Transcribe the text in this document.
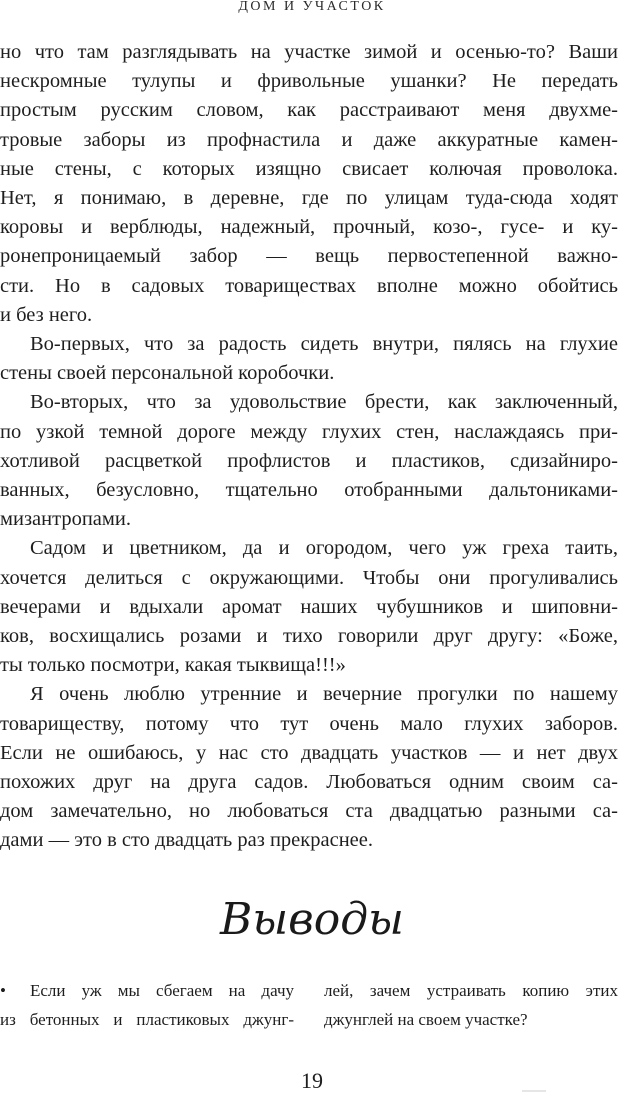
ДОМ И УЧАСТОК

но что там разглядывать на участке зимой и осенью-то? Ваши
нескромные тулупы и фривольные ушанки? Не передать
простым русским словом, как расстраивают меня двухме-
тровые заборы из профнастила и даже аккуратные камен-
ные стены, с которых изящно свисает колючая проволока.
Нет, я понимаю, в деревне, где по улицам туда-сюда ходят
коровы и верблюды, надежный, прочный, козо-, гусе- и ку-
ронепроницаемый забор — вещь первостепенной важно-
сти. Но в садовых товариществах вполне можно обойтись
и без него.

Во-первых, что за радость сидеть внутри, пялясь на глухие
стены своей персональной коробочки.

Во-вторых, что за удовольствие брести, как заключенный,
по узкой темной дороге между глухих стен, наслаждаясь при-
хотливой расцветкой профлистов и пластиков, сдизайниро-
ванных, безусловно, тщательно отобранными дальтониками-
мизантропами.

Садом и цветником, да и огородом, чего уж греха таить,
хочется делиться с окружающими. Чтобы они прогуливались
вечерами и вдыхали аромат наших чубушников и шиповни-
ков, восхищались розами и тихо говорили друг другу: «Боже,
ты только посмотри, какая тыквища!!!»

Я очень люблю утренние и вечерние прогулки по нашему
товариществу, потому что тут очень мало глухих заборов.
Если не ошибаюсь, у нас сто двадцать участков — и нет двух
похожих друг на друга садов. Любоваться одним своим са-
дом замечательно, но любоваться ста двадцатью разными са-
дами — это в сто двадцать раз прекраснее.

Выводы
•	Если уж мы сбегаем на дачу
из бетонных и пластиковых джунг-
лей, зачем устраивать копию этих
джунглей на своем участке?
19
